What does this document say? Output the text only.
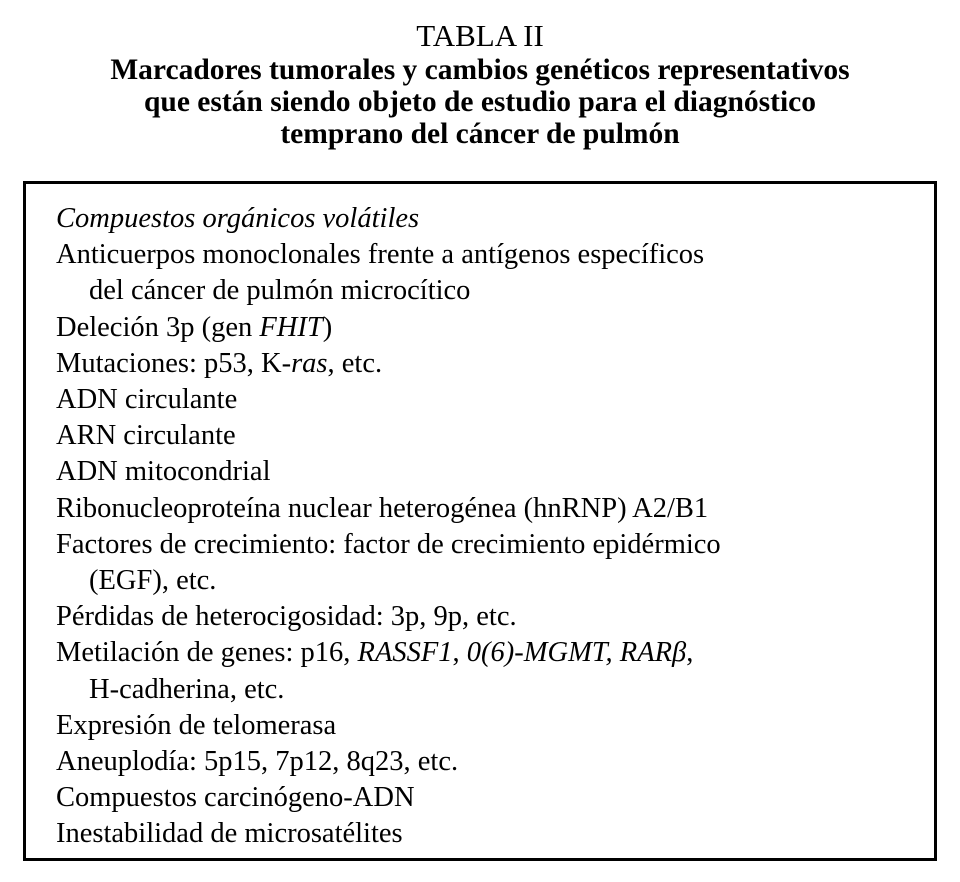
TABLA II
Marcadores tumorales y cambios genéticos representativos
que están siendo objeto de estudio para el diagnóstico
temprano del cáncer de pulmón
Compuestos orgánicos volátiles
Anticuerpos monoclonales frente a antígenos específicos
del cáncer de pulmón microcítico
Deleción 3p (gen FHIT)
Mutaciones: p53, K-ras, etc.
ADN circulante
ARN circulante
ADN mitocondrial
Ribonucleoproteína nuclear heterogénea (hnRNP) A2/B1
Factores de crecimiento: factor de crecimiento epidérmico
(EGF), etc.
Pérdidas de heterocigosidad: 3p, 9p, etc.
Metilación de genes: p16, RASSF1, 0(6)-MGMT, RARβ,
H-cadherina, etc.
Expresión de telomerasa
Aneuplodía: 5p15, 7p12, 8q23, etc.
Compuestos carcinógeno-ADN
Inestabilidad de microsatélites
